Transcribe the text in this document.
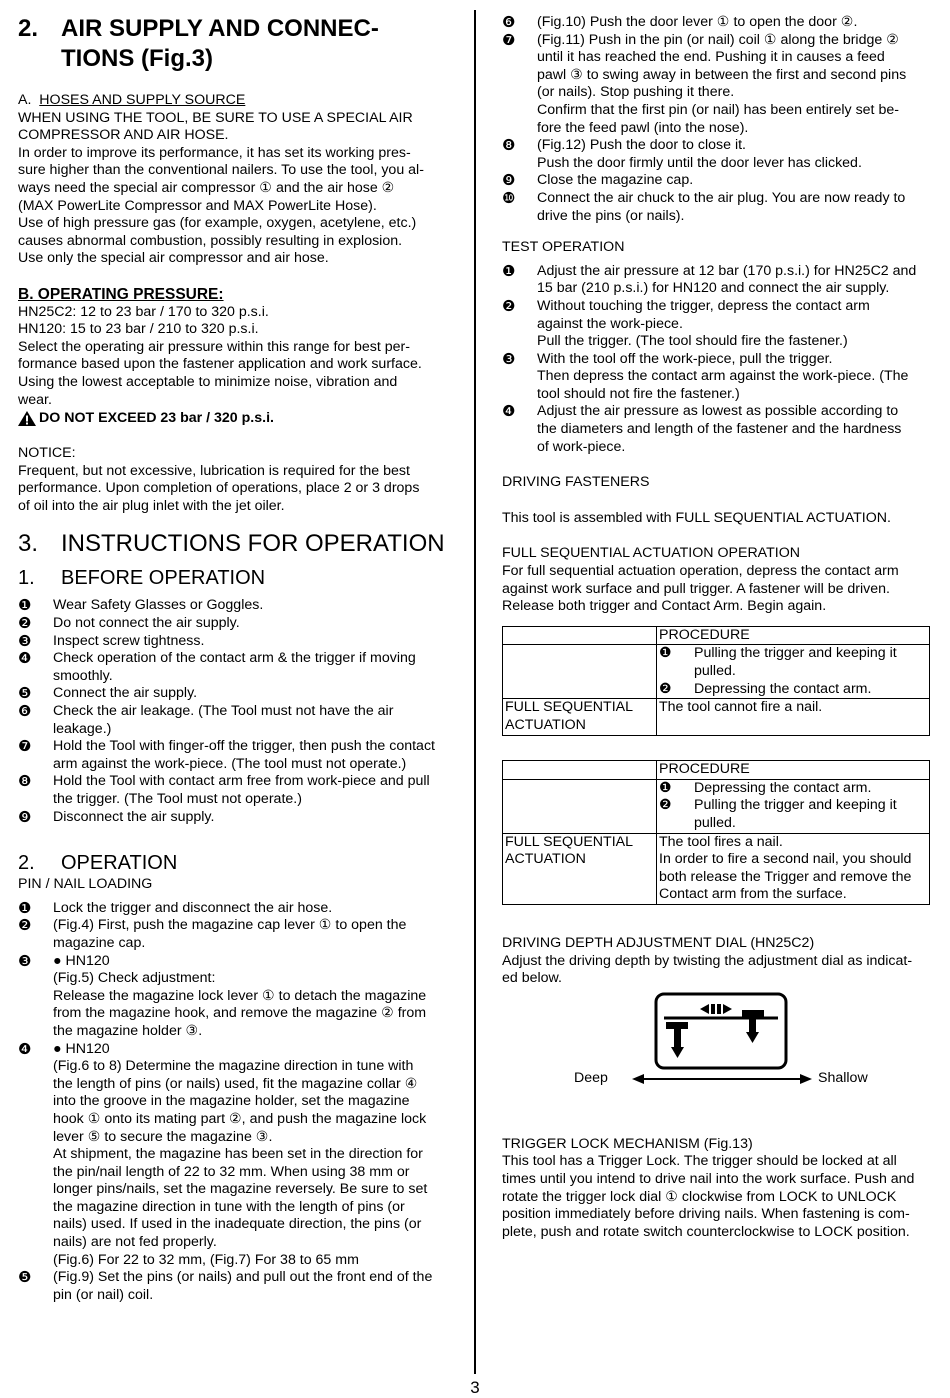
2. AIR SUPPLY AND CONNEC-
TIONS (Fig.3)

A. HOSES AND SUPPLY SOURCE

WHEN USING THE TOOL, BE SURE TO USE A SPECIAL AIR

COMPRESSOR AND AIR HOSE.

In order to improve its performance, it has set its working pres-

sure higher than the conventional nailers. To use the tool, you al-

ways need the special air compressor ① and the air hose ②

(MAX PowerLite Compressor and MAX PowerLite Hose).

Use of high pressure gas (for example, oxygen, acetylene, etc.)

causes abnormal combustion, possibly resulting in explosion.

Use only the special air compressor and air hose.

B. OPERATING PRESSURE:

HN25C2: 12 to 23 bar / 170 to 320 p.s.i.

HN120: 15 to 23 bar / 210 to 320 p.s.i.

Select the operating air pressure within this range for best per-

formance based upon the fastener application and work surface.

Using the lowest acceptable to minimize noise, vibration and

wear.

DO NOT EXCEED 23 bar / 320 p.s.i.

NOTICE:

Frequent, but not excessive, lubrication is required for the best

performance. Upon completion of operations, place 2 or 3 drops

of oil into the air plug inlet with the jet oiler.

3. INSTRUCTIONS FOR OPERATION
1.	BEFORE OPERATION
❶	Wear Safety Glasses or Goggles.
❷	Do not connect the air supply.
❸	Inspect screw tightness.
❹	Check operation of the contact arm & the trigger if moving
smoothly.
❺	Connect the air supply.
❻	Check the air leakage. (The Tool must not have the air
leakage.)
❼	Hold the Tool with finger-off the trigger, then push the contact
arm against the work-piece. (The tool must not operate.)
❽	Hold the Tool with contact arm free from work-piece and pull
the trigger. (The Tool must not operate.)
❾	Disconnect the air supply.
2.	OPERATION

PIN / NAIL LOADING

❶	Lock the trigger and disconnect the air hose.
❷	(Fig.4) First, push the magazine cap lever ① to open the
magazine cap.
❸	● HN120
(Fig.5) Check adjustment:
Release the magazine lock lever ① to detach the magazine
from the magazine hook, and remove the magazine ② from
the magazine holder ③.
❹	● HN120
(Fig.6 to 8) Determine the magazine direction in tune with
the length of pins (or nails) used, fit the magazine collar ④
into the groove in the magazine holder, set the magazine
hook ① onto its mating part ②, and push the magazine lock
lever ⑤ to secure the magazine ③.
At shipment, the magazine has been set in the direction for
the pin/nail length of 22 to 32 mm. When using 38 mm or
longer pins/nails, set the magazine reversely. Be sure to set
the magazine direction in tune with the length of pins (or
nails) used. If used in the inadequate direction, the pins (or
nails) are not fed properly.
(Fig.6) For 22 to 32 mm, (Fig.7) For 38 to 65 mm
❺	(Fig.9) Set the pins (or nails) and pull out the front end of the
pin (or nail) coil.
❻	(Fig.10) Push the door lever ① to open the door ②.
❼	(Fig.11) Push in the pin (or nail) coil ① along the bridge ②
until it has reached the end. Pushing it in causes a feed
pawl ③ to swing away in between the first and second pins
(or nails). Stop pushing it there.
Confirm that the first pin (or nail) has been entirely set be-
fore the feed pawl (into the nose).
❽	(Fig.12) Push the door to close it.
Push the door firmly until the door lever has clicked.
❾	Close the magazine cap.
❿	Connect the air chuck to the air plug. You are now ready to
drive the pins (or nails).

TEST OPERATION

❶	Adjust the air pressure at 12 bar (170 p.s.i.) for HN25C2 and
15 bar (210 p.s.i.) for HN120 and connect the air supply.
❷	Without touching the trigger, depress the contact arm
against the work-piece.
Pull the trigger. (The tool should fire the fastener.)
❸	With the tool off the work-piece, pull the trigger.
Then depress the contact arm against the work-piece. (The
tool should not fire the fastener.)
❹	Adjust the air pressure as lowest as possible according to
the diameters and length of the fastener and the hardness
of work-piece.

DRIVING FASTENERS

This tool is assembled with FULL SEQUENTIAL ACTUATION.

FULL SEQUENTIAL ACTUATION OPERATION

For full sequential actuation operation, depress the contact arm

against work surface and pull trigger. A fastener will be driven.

Release both trigger and Contact Arm. Begin again.

	PROCEDURE

	❶ Pulling the trigger and keeping it
pulled.
❷ Depressing the contact arm.

FULL SEQUENTIAL
ACTUATION	The tool cannot fire a nail.
	PROCEDURE

	❶ Depressing the contact arm.
❷ Pulling the trigger and keeping it
pulled.

FULL SEQUENTIAL
ACTUATION	The tool fires a nail.
In order to fire a second nail, you should
both release the Trigger and remove the
Contact arm from the surface.

DRIVING DEPTH ADJUSTMENT DIAL (HN25C2)

Adjust the driving depth by twisting the adjustment dial as indicat-

ed below.

Deep	Shallow

TRIGGER LOCK MECHANISM (Fig.13)

This tool has a Trigger Lock. The trigger should be locked at all

times until you intend to drive nail into the work surface. Push and

rotate the trigger lock dial ① clockwise from LOCK to UNLOCK

position immediately before driving nails. When fastening is com-

plete, push and rotate switch counterclockwise to LOCK position.

3
